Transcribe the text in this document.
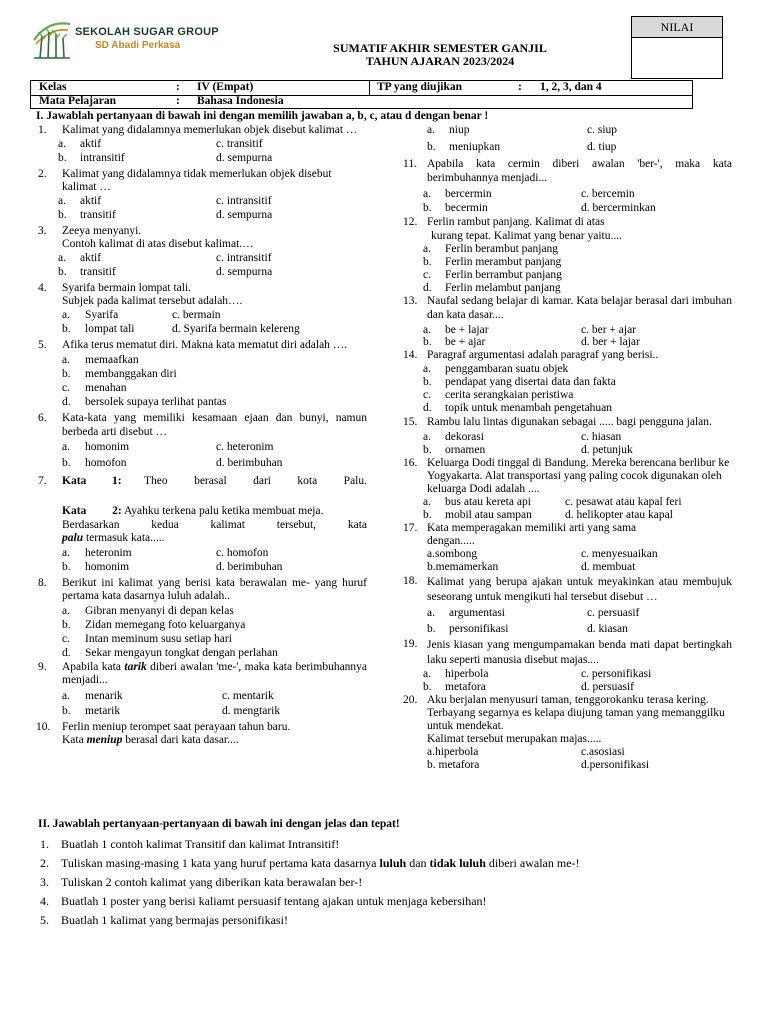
SEKOLAH SUGAR GROUP
SD Abadi Perkasa	SUMATIF AKHIR SEMESTER GANJIL
TAHUN AJARAN 2023/2024
NILAI
Kelas	: IV (Empat)	TP yang diujikan	: 1, 2, 3, dan 4
Mata Pelajaran	: Bahasa Indonesia
I. Jawablah pertanyaan di bawah ini dengan memilih jawaban a, b, c, atau d dengan benar !
1. Kalimat yang didalamnya memerlukan objek disebut kalimat …
a. aktif	c. transitif
b. intransitif	d. sempurna
2. Kalimat yang didalamnya tidak memerlukan objek disebut kalimat …
a. aktif	c. intransitif
b. transitif	d. sempurna
3. Zeeya menyanyi.
Contoh kalimat di atas disebut kalimat.…
a. aktif	c. intransitif
b. transitif	d. sempurna
4. Syarifa bermain lompat tali.
Subjek pada kalimat tersebut adalah….
a. Syarifa	c. bermain
b. lompat tali	d. Syarifa bermain kelereng
5. Afika terus mematut diri. Makna kata mematut diri adalah ….
a. memaafkan
b. membanggakan diri
c. menahan
d. bersolek supaya terlihat pantas
6. Kata-kata yang memiliki kesamaan ejaan dan bunyi, namun berbeda arti disebut …
a. homonim	c. heteronim
b. homofon	d. berimbuhan
7. Kata 1: Theo berasal dari kota Palu.
Kata 2: Ayahku terkena palu ketika membuat meja.
Berdasarkan kedua kalimat tersebut, kata
palu termasuk kata.....
a. heteronim	c. homofon
b. homonim	d. berimbuhan
8. Berikut ini kalimat yang berisi kata berawalan me- yang huruf pertama kata dasarnya luluh adalah..
a. Gibran menyanyi di depan kelas
b. Zidan memegang foto keluarganya
c. Intan meminum susu setiap hari
d. Sekar mengayun tongkat dengan perlahan
9. Apabila kata tarik diberi awalan 'me-', maka kata berimbuhannya menjadi...
a. menarik	c. mentarik
b. metarik	d. mengtarik
10. Ferlin meniup terompet saat perayaan tahun baru.
Kata meniup berasal dari kata dasar....
a. niup	c. siup
b. meniupkan	d. tiup
11. Apabila kata cermin diberi awalan 'ber-', maka kata berimbuhannya menjadi...
a. bercermin	c. bercemin
b. becermin	d. bercerminkan
12. Ferlin rambut panjang. Kalimat di atas
kurang tepat. Kalimat yang benar yaitu....
a. Ferlin berambut panjang
b. Ferlin merambut panjang
c. Ferlin berrambut panjang
d. Ferlin melambut panjang
13. Naufal sedang belajar di kamar. Kata belajar berasal dari imbuhan dan kata dasar....
a. be + lajar	c. ber + ajar
b. be + ajar	d. ber + lajar
14. Paragraf argumentasi adalah paragraf yang berisi..
a. penggambaran suatu objek
b. pendapat yang disertai data dan fakta
c. cerita serangkaian peristiwa
d. topik untuk menambah pengetahuan
15. Rambu lalu lintas digunakan sebagai ..... bagi pengguna jalan.
a. dekorasi	c. hiasan
b. ornamen	d. petunjuk
16. Keluarga Dodi tinggal di Bandung. Mereka berencana berlibur ke Yogyakarta. Alat transportasi yang paling cocok digunakan oleh keluarga Dodi adalah ....
a. bus atau kereta api	c. pesawat atau kapal feri
b. mobil atau sampan	d. helikopter atau kapal
17. Kata memperagakan memiliki arti yang sama
dengan.....
a.sombong	c. menyesuaikan
b.memamerkan	d. membuat
18. Kalimat yang berupa ajakan untuk meyakinkan atau membujuk seseorang untuk mengikuti hal tersebut disebut …
a. argumentasi	c. persuasif
b. personifikasi	d. kiasan
19. Jenis kiasan yang mengumpamakan benda mati dapat bertingkah laku seperti manusia disebut majas....
a. hiperbola	c. personifikasi
b. metafora	d. persuasif
20. Aku berjalan menyusuri taman, tenggorokanku terasa kering.
Terbayang segarnya es kelapa diujung taman yang memanggilku untuk mendekat.
Kalimat tersebut merupakan majas.....
a.hiperbola	c.asosiasi
b. metafora	d.personifikasi
II. Jawablah pertanyaan-pertanyaan di bawah ini dengan jelas dan tepat!
1. Buatlah 1 contoh kalimat Transitif dan kalimat Intransitif!
2. Tuliskan masing-masing 1 kata yang huruf pertama kata dasarnya luluh dan tidak luluh diberi awalan me-!
3. Tuliskan 2 contoh kalimat yang diberikan kata berawalan ber-!
4. Buatlah 1 poster yang berisi kaliamt persuasif tentang ajakan untuk menjaga kebersihan!
5. Buatlah 1 kalimat yang bermajas personifikasi!
